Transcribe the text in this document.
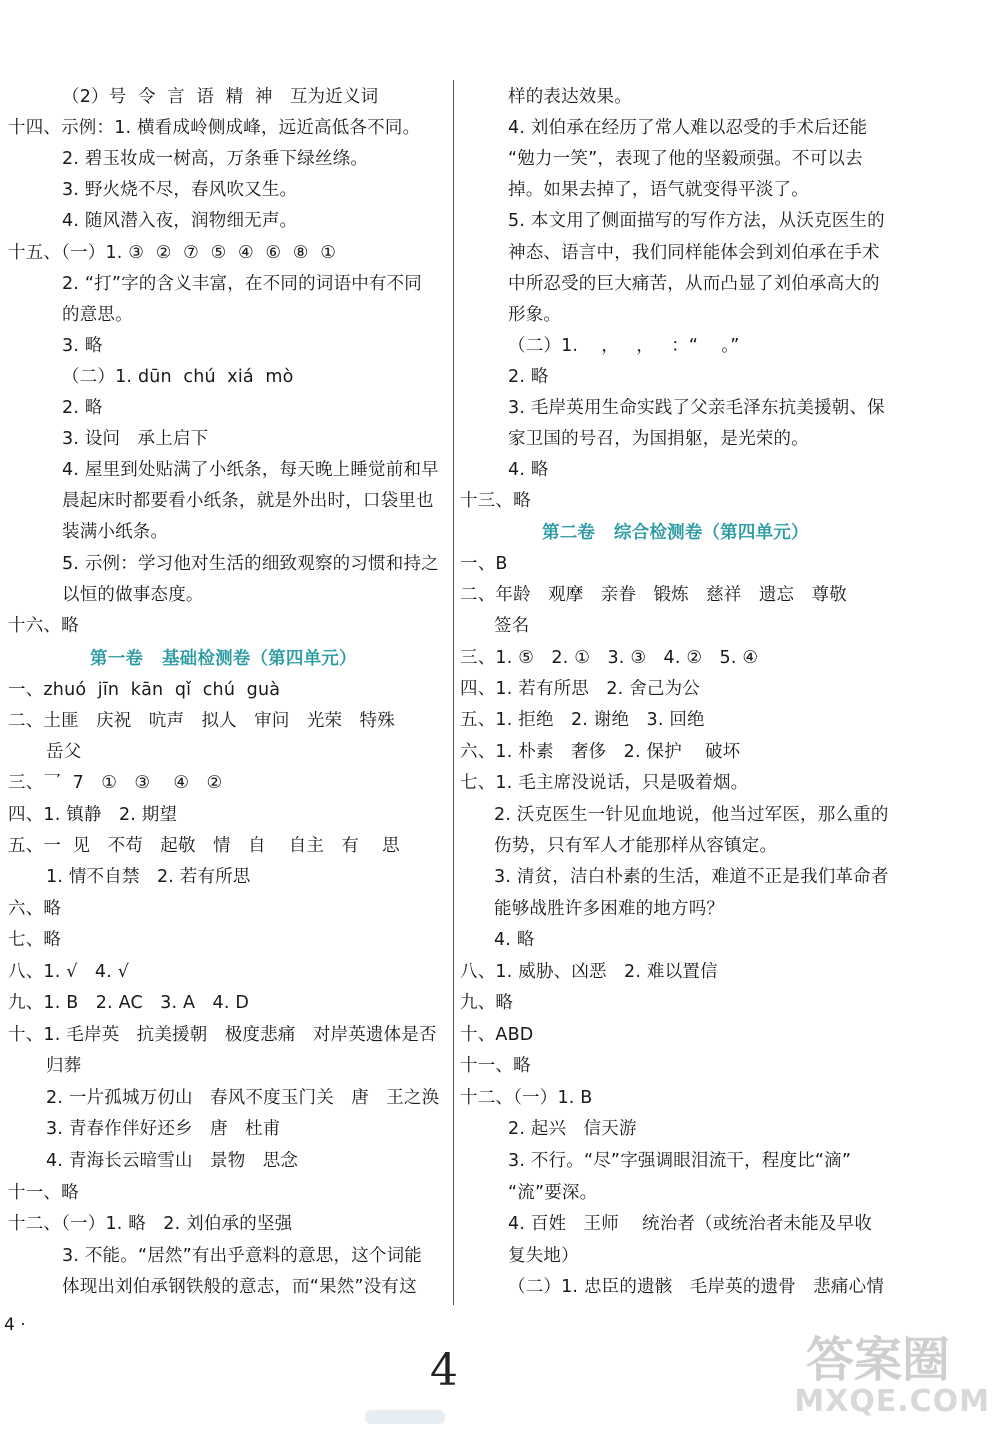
（2）号  令  言  语  精  神   互为近义词
十四、示例：1. 横看成岭侧成峰，远近高低各不同。
2. 碧玉妆成一树高，万条垂下绿丝绦。
3. 野火烧不尽，春风吹又生。
4. 随风潜入夜，润物细无声。
十五、（一）1. ③  ②  ⑦  ⑤  ④  ⑥  ⑧  ①
2. “打”字的含义丰富，在不同的词语中有不同
的意思。
3. 略
（二）1. dūn  chú  xiá  mò
2. 略
3. 设问   承上启下
4. 屋里到处贴满了小纸条，每天晚上睡觉前和早
晨起床时都要看小纸条，就是外出时，口袋里也
装满小纸条。
5. 示例：学习他对生活的细致观察的习惯和持之
以恒的做事态度。
十六、略
第一卷   基础检测卷（第四单元）
一、zhuó  jīn  kān  qǐ  chú  guà
二、土匪   庆祝   吭声   拟人   审问   光荣   特殊
岳父
三、乛  7   ①   ③    ④   ②
四、1. 镇静   2. 期望
五、一  见   不苟   起敬   情   自    自主   有    思
1. 情不自禁   2. 若有所思
六、略
七、略
八、1. √   4. √
九、1. B   2. AC   3. A   4. D
十、1. 毛岸英   抗美援朝   极度悲痛   对岸英遗体是否
归葬
2. 一片孤城万仞山   春风不度玉门关   唐   王之涣
3. 青春作伴好还乡   唐   杜甫
4. 青海长云暗雪山   景物   思念
十一、略
十二、（一）1. 略   2. 刘伯承的坚强
3. 不能。“居然”有出乎意料的意思，这个词能
体现出刘伯承钢铁般的意志，而“果然”没有这
样的表达效果。
4. 刘伯承在经历了常人难以忍受的手术后还能
“勉力一笑”，表现了他的坚毅顽强。不可以去
掉。如果去掉了，语气就变得平淡了。
5. 本文用了侧面描写的写作方法，从沃克医生的
神态、语言中，我们同样能体会到刘伯承在手术
中所忍受的巨大痛苦，从而凸显了刘伯承高大的
形象。
（二）1.    ，   ，   ：“    。”
2. 略
3. 毛岸英用生命实践了父亲毛泽东抗美援朝、保
家卫国的号召，为国捐躯，是光荣的。
4. 略
十三、略
第二卷   综合检测卷（第四单元）
一、B
二、年龄   观摩   亲眷   锻炼   慈祥   遗忘   尊敬
签名
三、1. ⑤   2. ①   3. ③   4. ②   5. ④
四、1. 若有所思   2. 舍己为公
五、1. 拒绝   2. 谢绝   3. 回绝
六、1. 朴素   奢侈   2. 保护    破坏
七、1. 毛主席没说话，只是吸着烟。
2. 沃克医生一针见血地说，他当过军医，那么重的
伤势，只有军人才能那样从容镇定。
3. 清贫，洁白朴素的生活，难道不正是我们革命者
能够战胜许多困难的地方吗？
4. 略
八、1. 威胁、凶恶   2. 难以置信
九、略
十、ABD
十一、略
十二、（一）1. B
2. 起兴   信天游
3. 不行。“尽”字强调眼泪流干，程度比“滴”
“流”要深。
4. 百姓   王师    统治者（或统治者未能及早收
复失地）
（二）1. 忠臣的遗骸   毛岸英的遗骨   悲痛心情
4 ·
4	答案圈
MXQE.COM
